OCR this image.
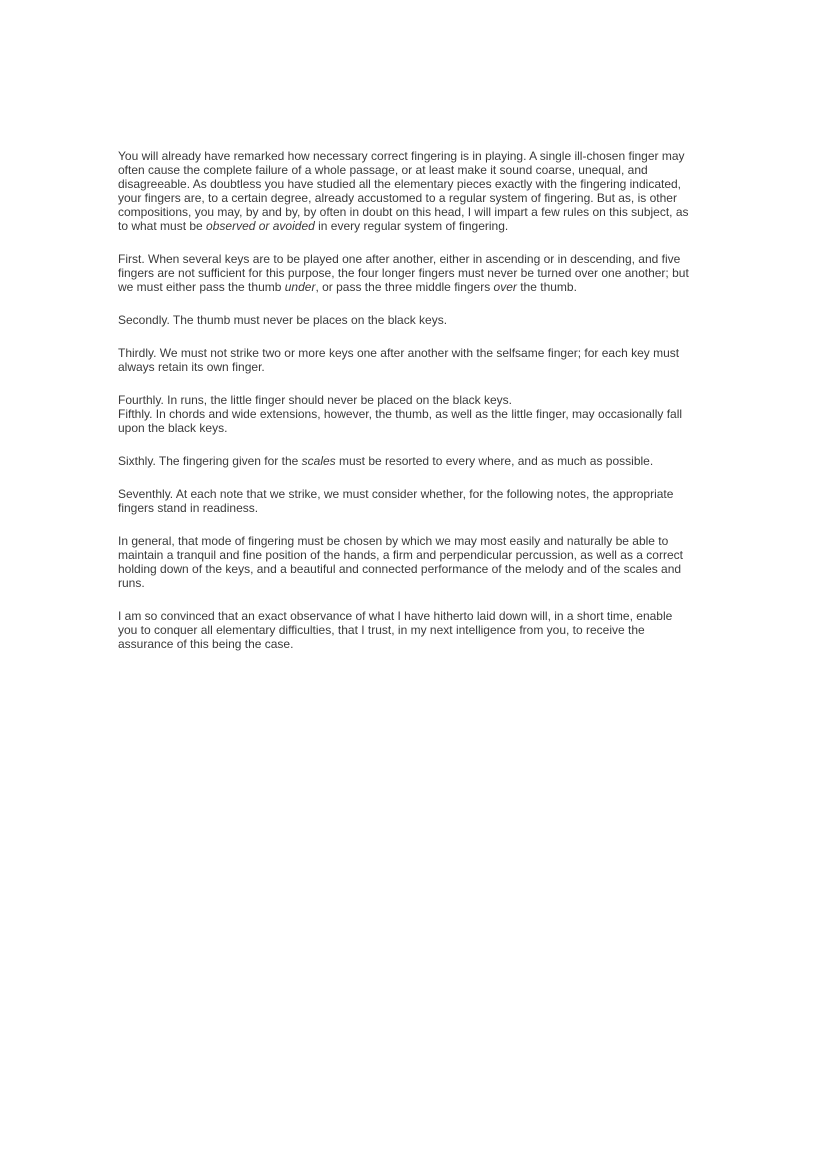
You will already have remarked how necessary correct fingering is in playing. A single ill-chosen finger may
often cause the complete failure of a whole passage, or at least make it sound coarse, unequal, and
disagreeable. As doubtless you have studied all the elementary pieces exactly with the fingering indicated,
your fingers are, to a certain degree, already accustomed to a regular system of fingering. But as, is other
compositions, you may, by and by, by often in doubt on this head, I will impart a few rules on this subject, as
to what must be observed or avoided in every regular system of fingering.

First. When several keys are to be played one after another, either in ascending or in descending, and five
fingers are not sufficient for this purpose, the four longer fingers must never be turned over one another; but
we must either pass the thumb under, or pass the three middle fingers over the thumb.

Secondly. The thumb must never be places on the black keys.

Thirdly. We must not strike two or more keys one after another with the selfsame finger; for each key must
always retain its own finger.

Fourthly. In runs, the little finger should never be placed on the black keys.

Fifthly. In chords and wide extensions, however, the thumb, as well as the little finger, may occasionally fall
upon the black keys.

Sixthly. The fingering given for the scales must be resorted to every where, and as much as possible.

Seventhly. At each note that we strike, we must consider whether, for the following notes, the appropriate
fingers stand in readiness.

In general, that mode of fingering must be chosen by which we may most easily and naturally be able to
maintain a tranquil and fine position of the hands, a firm and perpendicular percussion, as well as a correct
holding down of the keys, and a beautiful and connected performance of the melody and of the scales and
runs.

I am so convinced that an exact observance of what I have hitherto laid down will, in a short time, enable
you to conquer all elementary difficulties, that I trust, in my next intelligence from you, to receive the
assurance of this being the case.
